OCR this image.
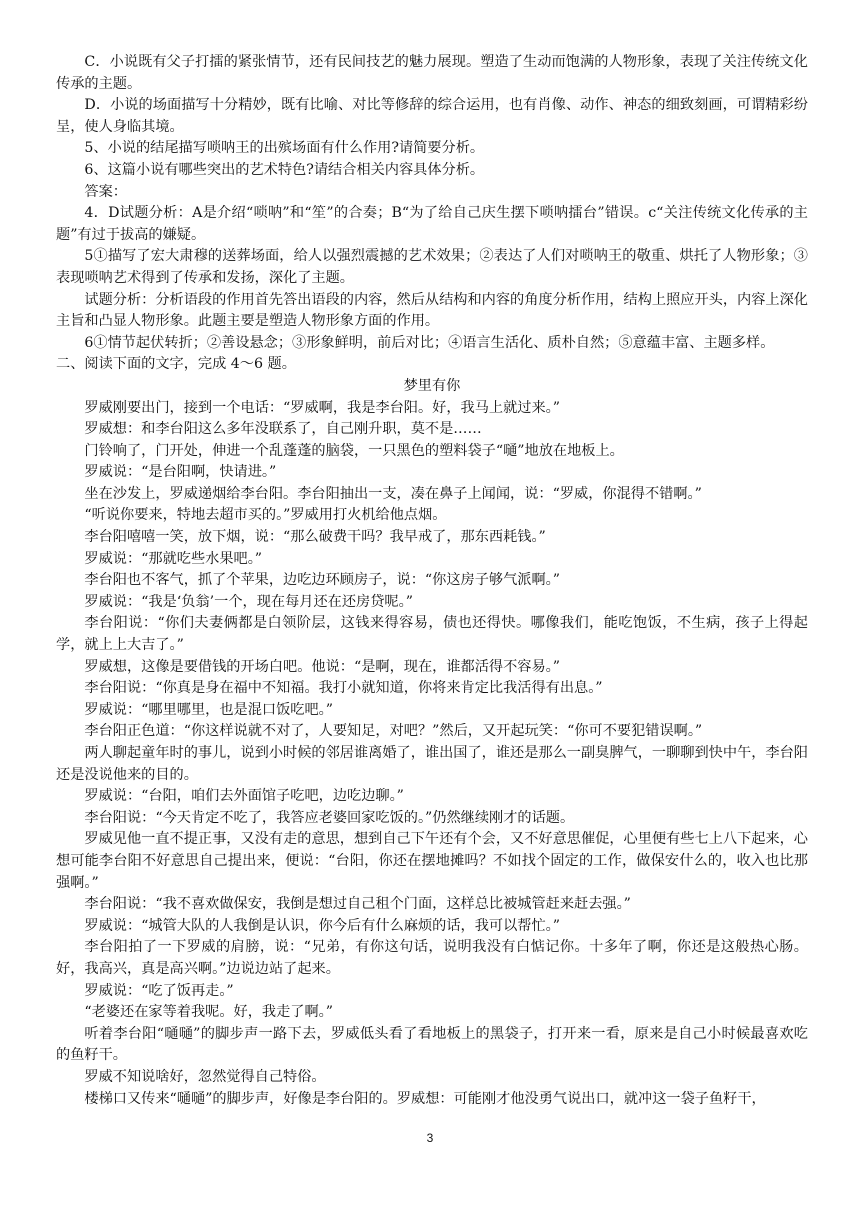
C．小说既有父子打擂的紧张情节，还有民间技艺的魅力展现。塑造了生动而饱满的人物形象，表现了关注传统文化传承的主题。

D．小说的场面描写十分精妙，既有比喻、对比等修辞的综合运用，也有肖像、动作、神态的细致刻画，可谓精彩纷呈，使人身临其境。

5、小说的结尾描写唢呐王的出殡场面有什么作用?请简要分析。

6、这篇小说有哪些突出的艺术特色?请结合相关内容具体分析。

答案：

4．D试题分析：A是介绍“唢呐”和“笙”的合奏；B“为了给自己庆生摆下唢呐擂台”错误。c“关注传统文化传承的主题”有过于拔高的嫌疑。

5①描写了宏大肃穆的送葬场面，给人以强烈震撼的艺术效果；②表达了人们对唢呐王的敬重、烘托了人物形象；③表现唢呐艺术得到了传承和发扬，深化了主题。

试题分析：分析语段的作用首先答出语段的内容，然后从结构和内容的角度分析作用，结构上照应开头，内容上深化主旨和凸显人物形象。此题主要是塑造人物形象方面的作用。

6①情节起伏转折；②善设悬念；③形象鲜明，前后对比；④语言生活化、质朴自然；⑤意蕴丰富、主题多样。

二、阅读下面的文字，完成 4～6 题。

梦里有你

罗威刚要出门，接到一个电话：“罗威啊，我是李台阳。好，我马上就过来。”

罗威想：和李台阳这么多年没联系了，自己刚升职，莫不是……

门铃响了，门开处，伸进一个乱蓬蓬的脑袋，一只黑色的塑料袋子“嗵”地放在地板上。

罗威说：“是台阳啊，快请进。”

坐在沙发上，罗威递烟给李台阳。李台阳抽出一支，凑在鼻子上闻闻，说：“罗威，你混得不错啊。”

“听说你要来，特地去超市买的。”罗威用打火机给他点烟。

李台阳嘻嘻一笑，放下烟，说：“那么破费干吗？我早戒了，那东西耗钱。”

罗威说：“那就吃些水果吧。”

李台阳也不客气，抓了个苹果，边吃边环顾房子，说：“你这房子够气派啊。”

罗威说：“我是‘负翁’一个，现在每月还在还房贷呢。”

李台阳说：“你们夫妻俩都是白领阶层，这钱来得容易，债也还得快。哪像我们，能吃饱饭，不生病，孩子上得起学，就上上大吉了。”

罗威想，这像是要借钱的开场白吧。他说：“是啊，现在，谁都活得不容易。”

李台阳说：“你真是身在福中不知福。我打小就知道，你将来肯定比我活得有出息。”

罗威说：“哪里哪里，也是混口饭吃吧。”

李台阳正色道：“你这样说就不对了，人要知足，对吧？”然后，又开起玩笑：“你可不要犯错误啊。”

两人聊起童年时的事儿，说到小时候的邻居谁离婚了，谁出国了，谁还是那么一副臭脾气，一聊聊到快中午，李台阳还是没说他来的目的。

罗威说：“台阳，咱们去外面馆子吃吧，边吃边聊。”

李台阳说：“今天肯定不吃了，我答应老婆回家吃饭的。”仍然继续刚才的话题。

罗威见他一直不提正事，又没有走的意思，想到自己下午还有个会，又不好意思催促，心里便有些七上八下起来，心想可能李台阳不好意思自己提出来，便说：“台阳，你还在摆地摊吗？不如找个固定的工作，做保安什么的，收入也比那强啊。”

李台阳说：“我不喜欢做保安，我倒是想过自己租个门面，这样总比被城管赶来赶去强。”

罗威说：“城管大队的人我倒是认识，你今后有什么麻烦的话，我可以帮忙。”

李台阳拍了一下罗威的肩膀，说：“兄弟，有你这句话，说明我没有白惦记你。十多年了啊，你还是这般热心肠。好，我高兴，真是高兴啊。”边说边站了起来。

罗威说：“吃了饭再走。”

“老婆还在家等着我呢。好，我走了啊。”

听着李台阳“嗵嗵”的脚步声一路下去，罗威低头看了看地板上的黑袋子，打开来一看，原来是自己小时候最喜欢吃的鱼籽干。

罗威不知说啥好，忽然觉得自己特俗。

楼梯口又传来“嗵嗵”的脚步声，好像是李台阳的。罗威想：可能刚才他没勇气说出口，就冲这一袋子鱼籽干，

3
